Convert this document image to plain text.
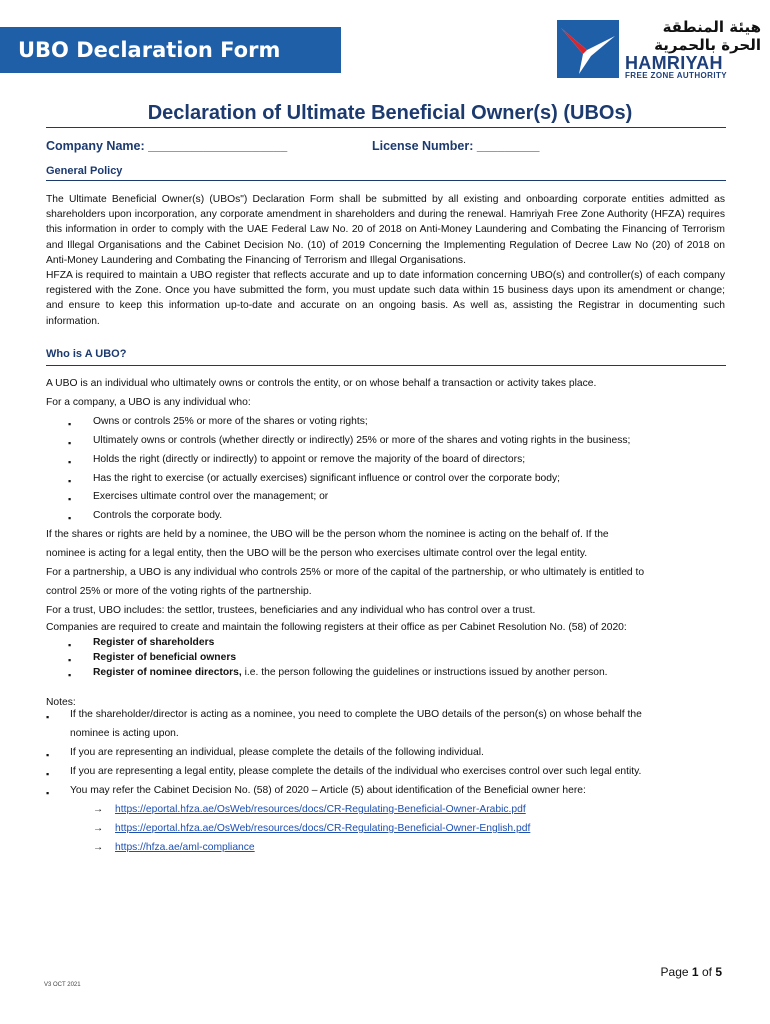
UBO Declaration Form
هيئة المنطقة
الحرة بالحمرية
HAMRIYAH
FREE ZONE AUTHORITY
Declaration of Ultimate Beneficial Owner(s) (UBOs)
Company Name: ____________________	License Number: _________
General Policy

The Ultimate Beneficial Owner(s) (UBOs") Declaration Form shall be submitted by all existing and onboarding corporate entities admitted as shareholders upon incorporation, any corporate amendment in shareholders and during the renewal. Hamriyah Free Zone Authority (HFZA) requires this information in order to comply with the UAE Federal Law No. 20 of 2018 on Anti-Money Laundering and Combating the Financing of Terrorism and Illegal Organisations and the Cabinet Decision No. (10) of 2019 Concerning the Implementing Regulation of Decree Law No (20) of 2018 on Anti-Money Laundering and Combating the Financing of Terrorism and Illegal Organisations.

HFZA is required to maintain a UBO register that reflects accurate and up to date information concerning UBO(s) and controller(s) of each company registered with the Zone. Once you have submitted the form, you must update such data within 15 business days upon its amendment or change; and ensure to keep this information up-to-date and accurate on an ongoing basis. As well as, assisting the Registrar in documenting such information.

Who is A UBO?
A UBO is an individual who ultimately owns or controls the entity, or on whose behalf a transaction or activity takes place.
For a company, a UBO is any individual who:
▪ Owns or controls 25% or more of the shares or voting rights;
▪ Ultimately owns or controls (whether directly or indirectly) 25% or more of the shares and voting rights in the business;
▪ Holds the right (directly or indirectly) to appoint or remove the majority of the board of directors;
▪ Has the right to exercise (or actually exercises) significant influence or control over the corporate body;
▪ Exercises ultimate control over the management; or
▪ Controls the corporate body.
If the shares or rights are held by a nominee, the UBO will be the person whom the nominee is acting on the behalf of. If the
nominee is acting for a legal entity, then the UBO will be the person who exercises ultimate control over the legal entity.
For a partnership, a UBO is any individual who controls 25% or more of the capital of the partnership, or who ultimately is entitled to
control 25% or more of the voting rights of the partnership.
For a trust, UBO includes: the settlor, trustees, beneficiaries and any individual who has control over a trust.
Companies are required to create and maintain the following registers at their office as per Cabinet Resolution No. (58) of 2020:
▪ Register of shareholders
▪ Register of beneficial owners
▪ Register of nominee directors, i.e. the person following the guidelines or instructions issued by another person.
Notes:
▪ If the shareholder/director is acting as a nominee, you need to complete the UBO details of the person(s) on whose behalf the
nominee is acting upon.
▪ If you are representing an individual, please complete the details of the following individual.
▪ If you are representing a legal entity, please complete the details of the individual who exercises control over such legal entity.
▪ You may refer the Cabinet Decision No. (58) of 2020 – Article (5) about identification of the Beneficial owner here:
→ https://eportal.hfza.ae/OsWeb/resources/docs/CR-Regulating-Beneficial-Owner-Arabic.pdf
→ https://eportal.hfza.ae/OsWeb/resources/docs/CR-Regulating-Beneficial-Owner-English.pdf
→ https://hfza.ae/aml-compliance
V3 OCT 2021
Page 1 of 5
